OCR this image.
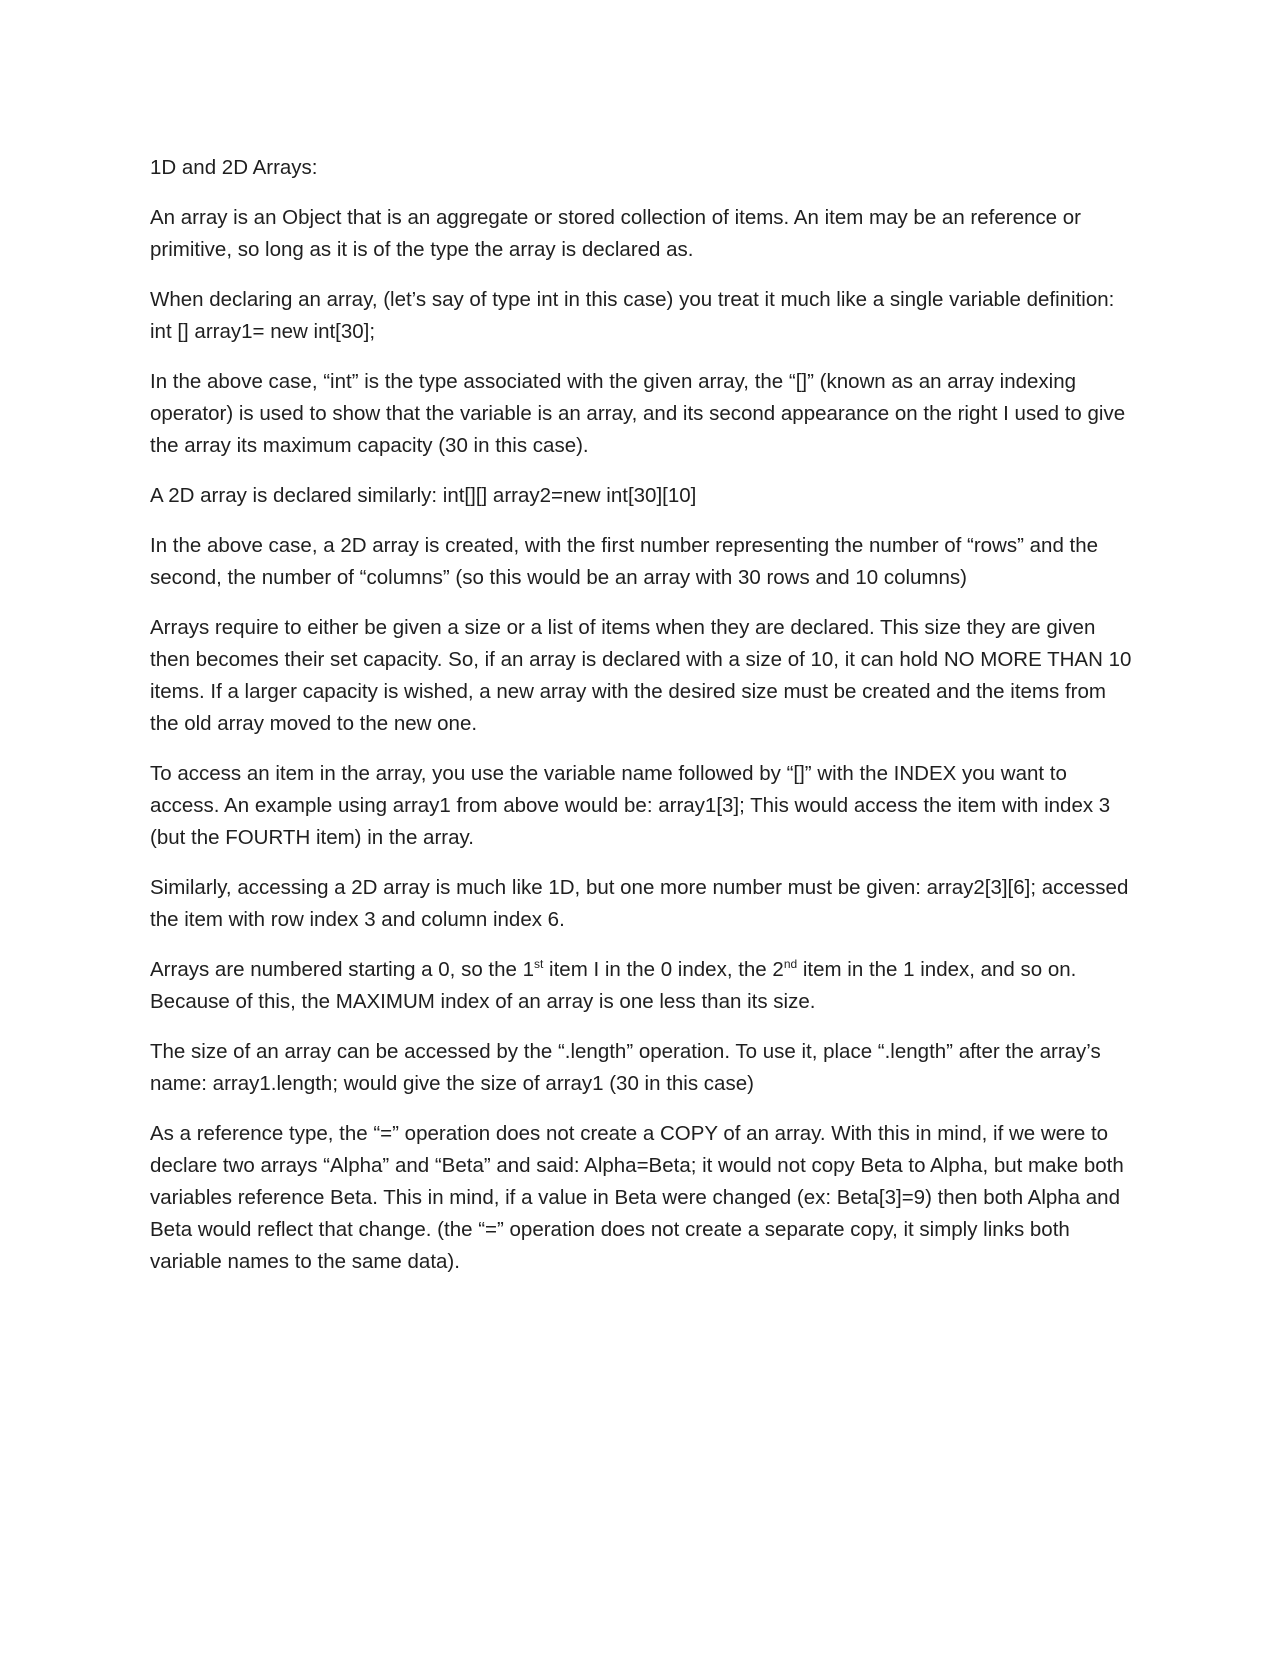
1D and 2D Arrays:

An array is an Object that is an aggregate or stored collection of items. An item may be an reference or primitive, so long as it is of the type the array is declared as.

When declaring an array, (let’s say of type int in this case) you treat it much like a single variable definition: int [] array1= new int[30];

In the above case, “int” is the type associated with the given array, the “[]” (known as an array indexing operator) is used to show that the variable is an array, and its second appearance on the right I used to give the array its maximum capacity (30 in this case).

A 2D array is declared similarly: int[][] array2=new int[30][10]

In the above case, a 2D array is created, with the first number representing the number of “rows” and the second, the number of “columns” (so this would be an array with 30 rows and 10 columns)

Arrays require to either be given a size or a list of items when they are declared. This size they are given then becomes their set capacity. So, if an array is declared with a size of 10, it can hold NO MORE THAN 10 items. If a larger capacity is wished, a new array with the desired size must be created and the items from the old array moved to the new one.

To access an item in the array, you use the variable name followed by “[]” with the INDEX you want to access. An example using array1 from above would be: array1[3]; This would access the item with index 3 (but the FOURTH item) in the array.

Similarly, accessing a 2D array is much like 1D, but one more number must be given: array2[3][6]; accessed the item with row index 3 and column index 6.

Arrays are numbered starting a 0, so the 1st item I in the 0 index, the 2nd item in the 1 index, and so on. Because of this, the MAXIMUM index of an array is one less than its size.

The size of an array can be accessed by the “.length” operation. To use it, place “.length” after the array’s name: array1.length; would give the size of array1 (30 in this case)

As a reference type, the “=” operation does not create a COPY of an array. With this in mind, if we were to declare two arrays “Alpha” and “Beta” and said: Alpha=Beta; it would not copy Beta to Alpha, but make both variables reference Beta. This in mind, if a value in Beta were changed (ex: Beta[3]=9) then both Alpha and Beta would reflect that change. (the “=” operation does not create a separate copy, it simply links both variable names to the same data).
